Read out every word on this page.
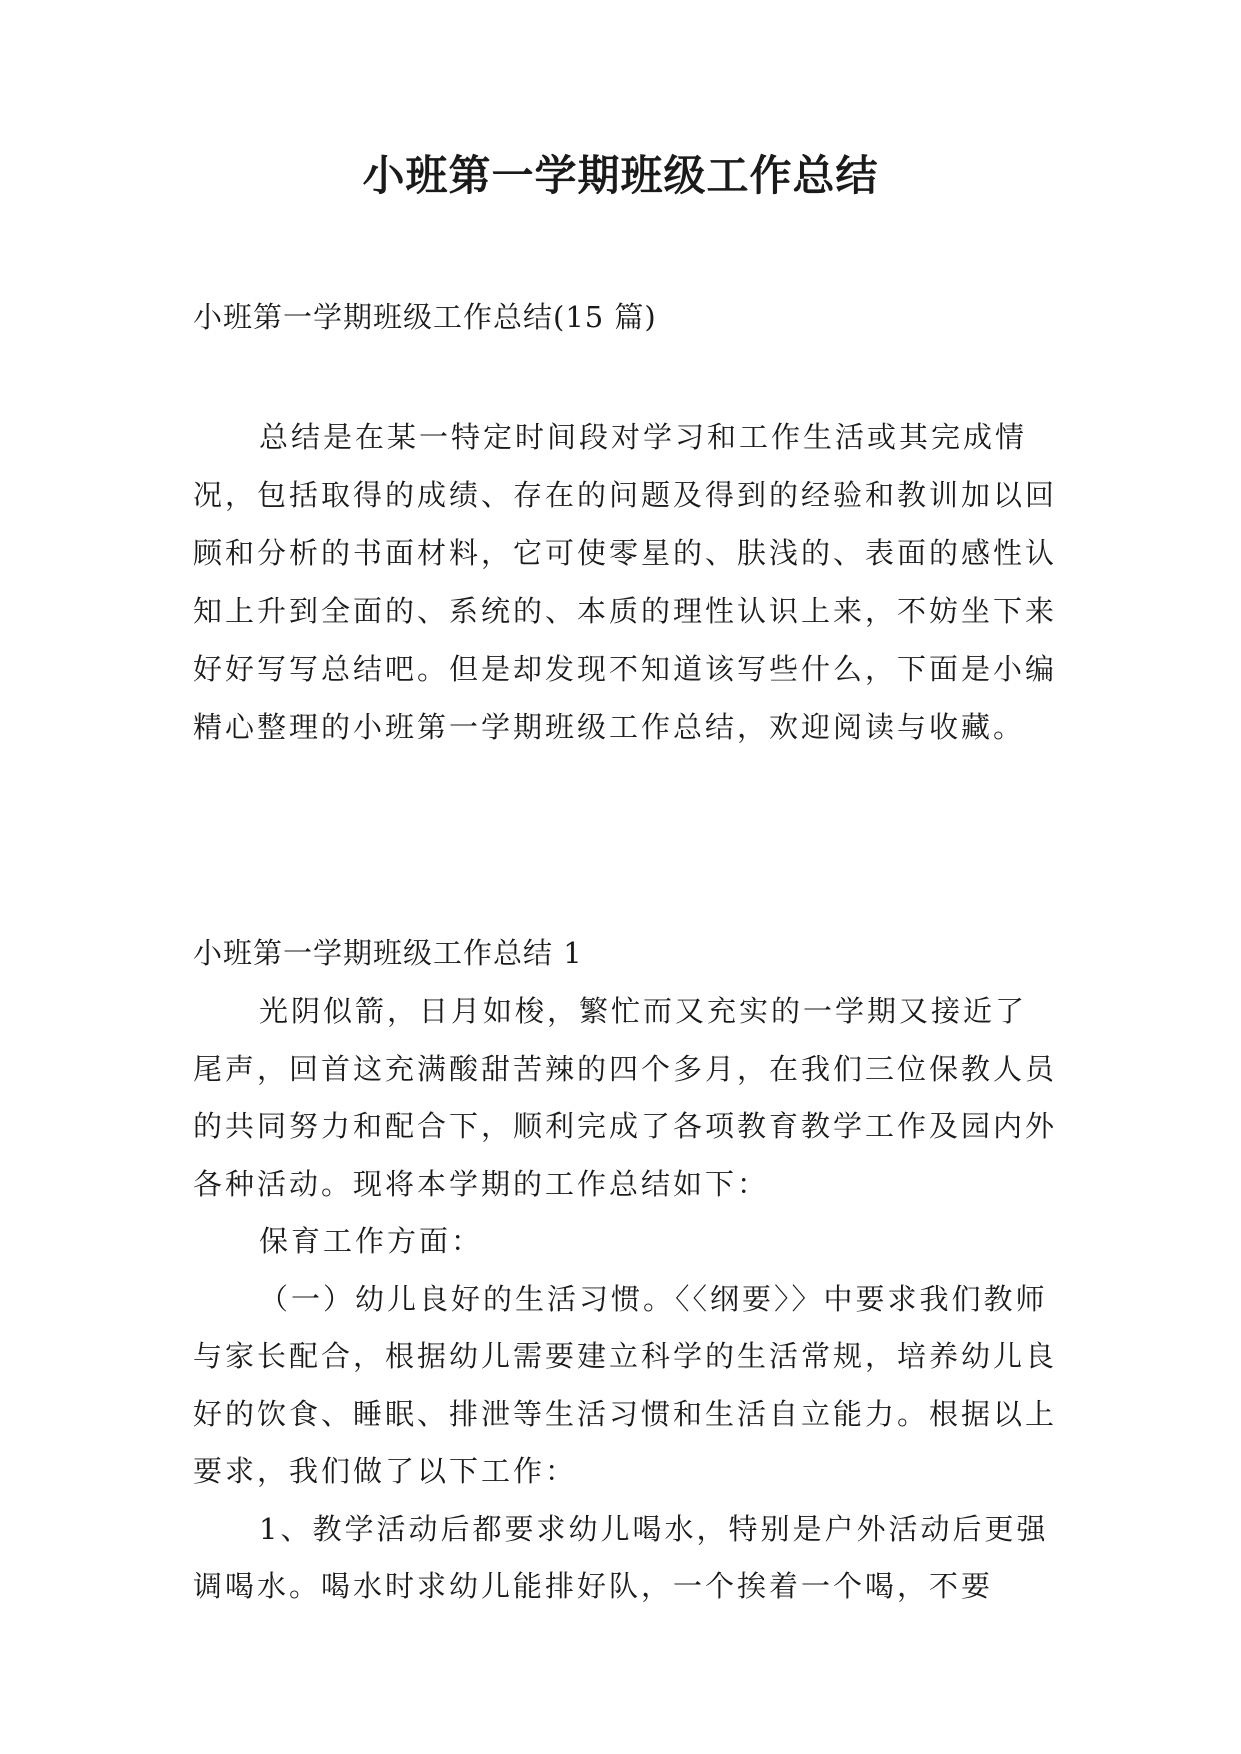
小班第一学期班级工作总结

小班第一学期班级工作总结(15 篇)

总结是在某一特定时间段对学习和工作生活或其完成情况，包括取得的成绩、存在的问题及得到的经验和教训加以回顾和分析的书面材料，它可使零星的、肤浅的、表面的感性认知上升到全面的、系统的、本质的理性认识上来，不妨坐下来好好写写总结吧。但是却发现不知道该写些什么，下面是小编精心整理的小班第一学期班级工作总结，欢迎阅读与收藏。

小班第一学期班级工作总结 1

光阴似箭，日月如梭，繁忙而又充实的一学期又接近了尾声，回首这充满酸甜苦辣的四个多月，在我们三位保教人员的共同努力和配合下，顺利完成了各项教育教学工作及园内外各种活动。现将本学期的工作总结如下：

保育工作方面：

（一）幼儿良好的生活习惯。〈〈纲要〉〉中要求我们教师与家长配合，根据幼儿需要建立科学的生活常规，培养幼儿良好的饮食、睡眠、排泄等生活习惯和生活自立能力。根据以上要求，我们做了以下工作：

1、教学活动后都要求幼儿喝水，特别是户外活动后更强调喝水。喝水时求幼儿能排好队，一个挨着一个喝，不要
